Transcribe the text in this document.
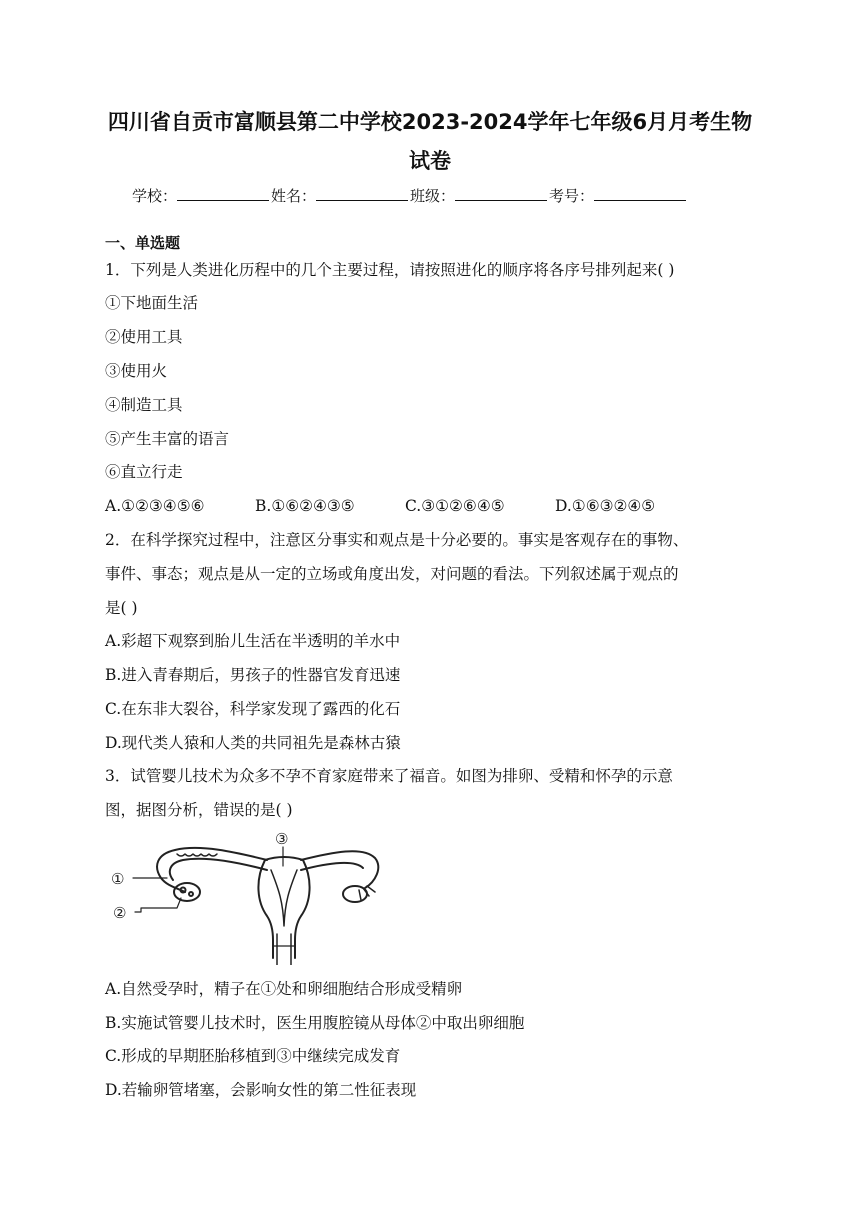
四川省自贡市富顺县第二中学校2023-2024学年七年级6月月考生物
试卷
学校：	姓名：	班级：	考号：
一、单选题
1．下列是人类进化历程中的几个主要过程，请按照进化的顺序将各序号排列起来( )
①下地面生活
②使用工具
③使用火
④制造工具
⑤产生丰富的语言
⑥直立行走
A.①②③④⑤⑥	B.①⑥②④③⑤	C.③①②⑥④⑤	D.①⑥③②④⑤
2．在科学探究过程中，注意区分事实和观点是十分必要的。事实是客观存在的事物、
事件、事态；观点是从一定的立场或角度出发，对问题的看法。下列叙述属于观点的
是( )
A.彩超下观察到胎儿生活在半透明的羊水中
B.进入青春期后，男孩子的性器官发育迅速
C.在东非大裂谷，科学家发现了露西的化石
D.现代类人猿和人类的共同祖先是森林古猿
3．试管婴儿技术为众多不孕不育家庭带来了福音。如图为排卵、受精和怀孕的示意
图，据图分析，错误的是( )
①
②
③
A.自然受孕时，精子在①处和卵细胞结合形成受精卵
B.实施试管婴儿技术时，医生用腹腔镜从母体②中取出卵细胞
C.形成的早期胚胎移植到③中继续完成发育
D.若输卵管堵塞，会影响女性的第二性征表现
